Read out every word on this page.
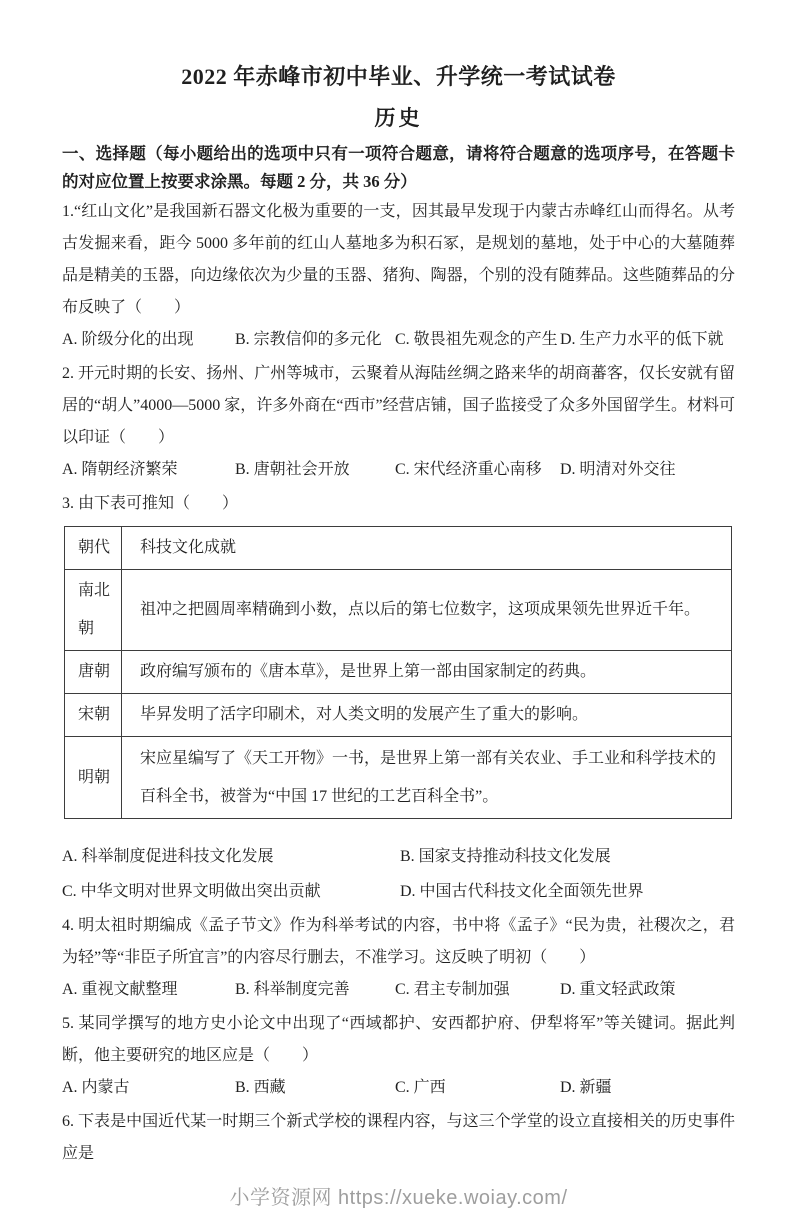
2022 年赤峰市初中毕业、升学统一考试试卷
历史

一、选择题（每小题给出的选项中只有一项符合题意，请将符合题意的选项序号，在答题卡的对应位置上按要求涂黑。每题 2 分，共 36 分）

1.“红山文化”是我国新石器文化极为重要的一支，因其最早发现于内蒙古赤峰红山而得名。从考古发掘来看，距今 5000 多年前的红山人墓地多为积石冢，是规划的墓地，处于中心的大墓随葬品是精美的玉器，向边缘依次为少量的玉器、猪狗、陶器，个别的没有随葬品。这些随葬品的分布反映了（　　）

A. 阶级分化的出现	B. 宗教信仰的多元化 C. 敬畏祖先观念的产生 D. 生产力水平的低下就

2. 开元时期的长安、扬州、广州等城市，云聚着从海陆丝绸之路来华的胡商蕃客，仅长安就有留居的“胡人”4000—5000 家，许多外商在“西市”经营店铺，国子监接受了众多外国留学生。材料可以印证（　　）

A. 隋朝经济繁荣	B. 唐朝社会开放	C. 宋代经济重心南移	D. 明清对外交往

3. 由下表可推知（　　）

朝代	科技文化成就
南北朝	祖冲之把圆周率精确到小数，点以后的第七位数字，这项成果领先世界近千年。
唐朝	政府编写颁布的《唐本草》，是世界上第一部由国家制定的药典。
宋朝	毕昇发明了活字印刷术，对人类文明的发展产生了重大的影响。
明朝	宋应星编写了《天工开物》一书，是世界上第一部有关农业、手工业和科学技术的百科全书，被誉为“中国 17 世纪的工艺百科全书”。
A. 科举制度促进科技文化发展	B. 国家支持推动科技文化发展
C. 中华文明对世界文明做出突出贡献	D. 中国古代科技文化全面领先世界

4. 明太祖时期编成《孟子节文》作为科举考试的内容，书中将《孟子》“民为贵，社稷次之，君为轻”等“非臣子所宜言”的内容尽行删去，不准学习。这反映了明初（　　）

A. 重视文献整理	B. 科举制度完善	C. 君主专制加强	D. 重文轻武政策

5. 某同学撰写的地方史小论文中出现了“西域都护、安西都护府、伊犁将军”等关键词。据此判断，他主要研究的地区应是（　　）

A. 内蒙古	B. 西藏	C. 广西	D. 新疆

6. 下表是中国近代某一时期三个新式学校的课程内容，与这三个学堂的设立直接相关的历史事件应是

小学资源网 https://xueke.woiay.com/
